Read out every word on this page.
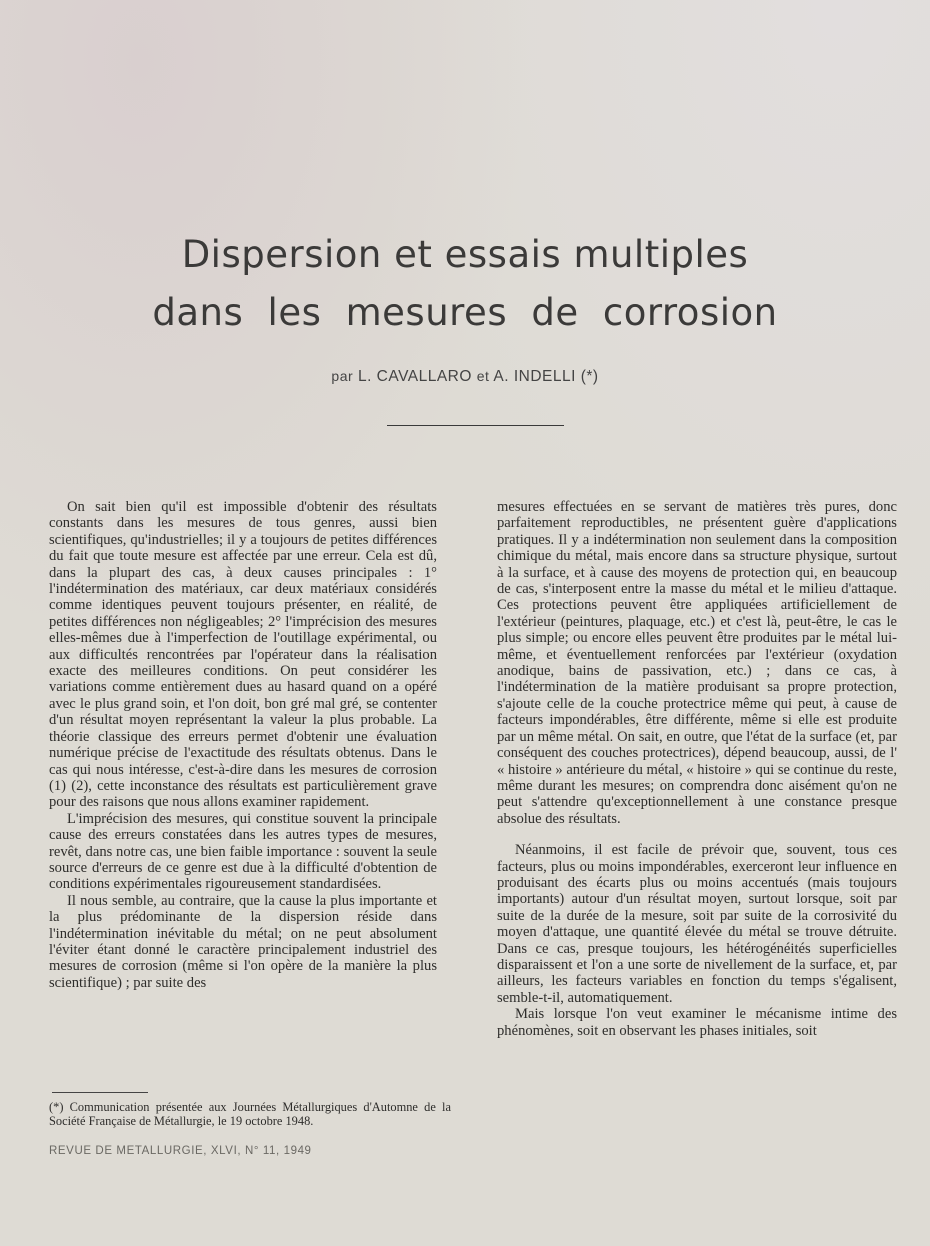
Dispersion et essais multiples
dans les mesures de corrosion
par L. CAVALLARO et A. INDELLI (*)

On sait bien qu'il est impossible d'obtenir des résultats constants dans les mesures de tous genres, aussi bien scientifiques, qu'industrielles; il y a toujours de petites différences du fait que toute mesure est affectée par une erreur. Cela est dû, dans la plupart des cas, à deux causes principales : 1° l'indétermination des matériaux, car deux matériaux considérés comme identiques peuvent toujours présenter, en réalité, de petites différences non négligeables; 2° l'imprécision des mesures elles-mêmes due à l'imperfection de l'outillage expérimental, ou aux difficultés rencontrées par l'opérateur dans la réalisation exacte des meilleures conditions. On peut considérer les variations comme entièrement dues au hasard quand on a opéré avec le plus grand soin, et l'on doit, bon gré mal gré, se contenter d'un résultat moyen représentant la valeur la plus probable. La théorie classique des erreurs permet d'obtenir une évaluation numérique précise de l'exactitude des résultats obtenus. Dans le cas qui nous intéresse, c'est-à-dire dans les mesures de corrosion (1) (2), cette inconstance des résultats est particulièrement grave pour des raisons que nous allons examiner rapidement.

L'imprécision des mesures, qui constitue souvent la principale cause des erreurs constatées dans les autres types de mesures, revêt, dans notre cas, une bien faible importance : souvent la seule source d'erreurs de ce genre est due à la difficulté d'obtention de conditions expérimentales rigoureusement standardisées.

Il nous semble, au contraire, que la cause la plus importante et la plus prédominante de la dispersion réside dans l'indétermination inévitable du métal; on ne peut absolument l'éviter étant donné le caractère principalement industriel des mesures de corrosion (même si l'on opère de la manière la plus scientifique) ; par suite des

mesures effectuées en se servant de matières très pures, donc parfaitement reproductibles, ne présentent guère d'applications pratiques. Il y a indétermination non seulement dans la composition chimique du métal, mais encore dans sa structure physique, surtout à la surface, et à cause des moyens de protection qui, en beaucoup de cas, s'interposent entre la masse du métal et le milieu d'attaque. Ces protections peuvent être appliquées artificiellement de l'extérieur (peintures, plaquage, etc.) et c'est là, peut-être, le cas le plus simple; ou encore elles peuvent être produites par le métal lui-même, et éventuellement renforcées par l'extérieur (oxydation anodique, bains de passivation, etc.) ; dans ce cas, à l'indétermination de la matière produisant sa propre protection, s'ajoute celle de la couche protectrice même qui peut, à cause de facteurs impondérables, être différente, même si elle est produite par un même métal. On sait, en outre, que l'état de la surface (et, par conséquent des couches protectrices), dépend beaucoup, aussi, de l' « histoire » antérieure du métal, « histoire » qui se continue du reste, même durant les mesures; on comprendra donc aisément qu'on ne peut s'attendre qu'exceptionnellement à une constance presque absolue des résultats.

Néanmoins, il est facile de prévoir que, souvent, tous ces facteurs, plus ou moins impondérables, exerceront leur influence en produisant des écarts plus ou moins accentués (mais toujours importants) autour d'un résultat moyen, surtout lorsque, soit par suite de la durée de la mesure, soit par suite de la corrosivité du moyen d'attaque, une quantité élevée du métal se trouve détruite. Dans ce cas, presque toujours, les hétérogénéités superficielles disparaissent et l'on a une sorte de nivellement de la surface, et, par ailleurs, les facteurs variables en fonction du temps s'égalisent, semble-t-il, automatiquement.

Mais lorsque l'on veut examiner le mécanisme intime des phénomènes, soit en observant les phases initiales, soit

(*) Communication présentée aux Journées Métallurgiques d'Automne de la Société Française de Métallurgie, le 19 octobre 1948.
REVUE DE METALLURGIE, XLVI, N° 11, 1949
